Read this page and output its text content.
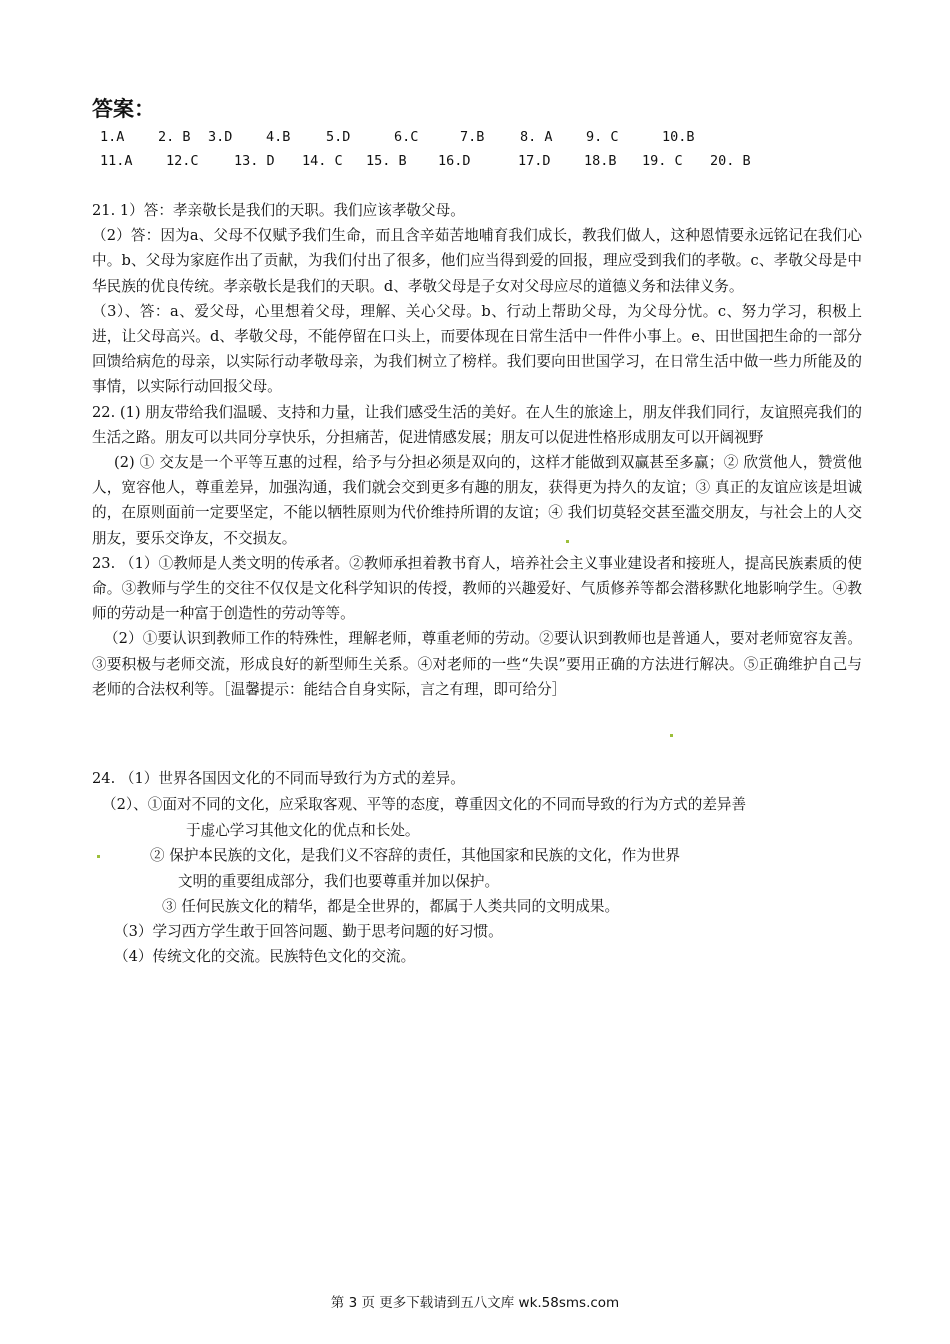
答案：
1.A 2. B 3.D 4.B	5.D	6.C	7.B	8. A 9. C	10.B
11.A 12.C	13. D 14. C 15. B 16.D	17.D 18.B 19. C 20. B

21. 1）答：孝亲敬长是我们的天职。我们应该孝敬父母。

（2）答：因为a、父母不仅赋予我们生命，而且含辛茹苦地哺育我们成长，教我们做人，这种恩情要永远铭记在我们心中。b、父母为家庭作出了贡献，为我们付出了很多，他们应当得到爱的回报，理应受到我们的孝敬。c、孝敬父母是中华民族的优良传统。孝亲敬长是我们的天职。d、孝敬父母是子女对父母应尽的道德义务和法律义务。

（3）、答：a、爱父母，心里想着父母，理解、关心父母。b、行动上帮助父母，为父母分忧。c、努力学习，积极上进，让父母高兴。d、孝敬父母，不能停留在口头上，而要体现在日常生活中一件件小事上。e、田世国把生命的一部分回馈给病危的母亲，以实际行动孝敬母亲，为我们树立了榜样。我们要向田世国学习，在日常生活中做一些力所能及的事情，以实际行动回报父母。

22. (1) 朋友带给我们温暖、支持和力量，让我们感受生活的美好。在人生的旅途上，朋友伴我们同行，友谊照亮我们的生活之路。朋友可以共同分享快乐，分担痛苦，促进情感发展；朋友可以促进性格形成朋友可以开阔视野

(2) ① 交友是一个平等互惠的过程，给予与分担必须是双向的，这样才能做到双赢甚至多赢；② 欣赏他人，赞赏他人，宽容他人，尊重差异，加强沟通，我们就会交到更多有趣的朋友，获得更为持久的友谊；③ 真正的友谊应该是坦诚的，在原则面前一定要坚定，不能以牺牲原则为代价维持所谓的友谊；④ 我们切莫轻交甚至滥交朋友，与社会上的人交朋友，要乐交诤友，不交损友。

23. （1）①教师是人类文明的传承者。②教师承担着教书育人，培养社会主义事业建设者和接班人，提高民族素质的使命。③教师与学生的交往不仅仅是文化科学知识的传授，教师的兴趣爱好、气质修养等都会潜移默化地影响学生。④教师的劳动是一种富于创造性的劳动等等。

（2）①要认识到教师工作的特殊性，理解老师，尊重老师的劳动。②要认识到教师也是普通人，要对老师宽容友善。③要积极与老师交流，形成良好的新型师生关系。④对老师的一些“失误”要用正确的方法进行解决。⑤正确维护自己与老师的合法权利等。［温馨提示：能结合自身实际，言之有理，即可给分］

24. （1）世界各国因文化的不同而导致行为方式的差异。
（2）、①面对不同的文化，应采取客观、平等的态度，尊重因文化的不同而导致的行为方式的差异善
于虚心学习其他文化的优点和长处。
② 保护本民族的文化，是我们义不容辞的责任，其他国家和民族的文化，作为世界
文明的重要组成部分，我们也要尊重并加以保护。
③ 任何民族文化的精华，都是全世界的，都属于人类共同的文明成果。
（3）学习西方学生敢于回答问题、勤于思考问题的好习惯。
（4）传统文化的交流。民族特色文化的交流。
第 3 页 更多下载请到五八文库 wk.58sms.com
